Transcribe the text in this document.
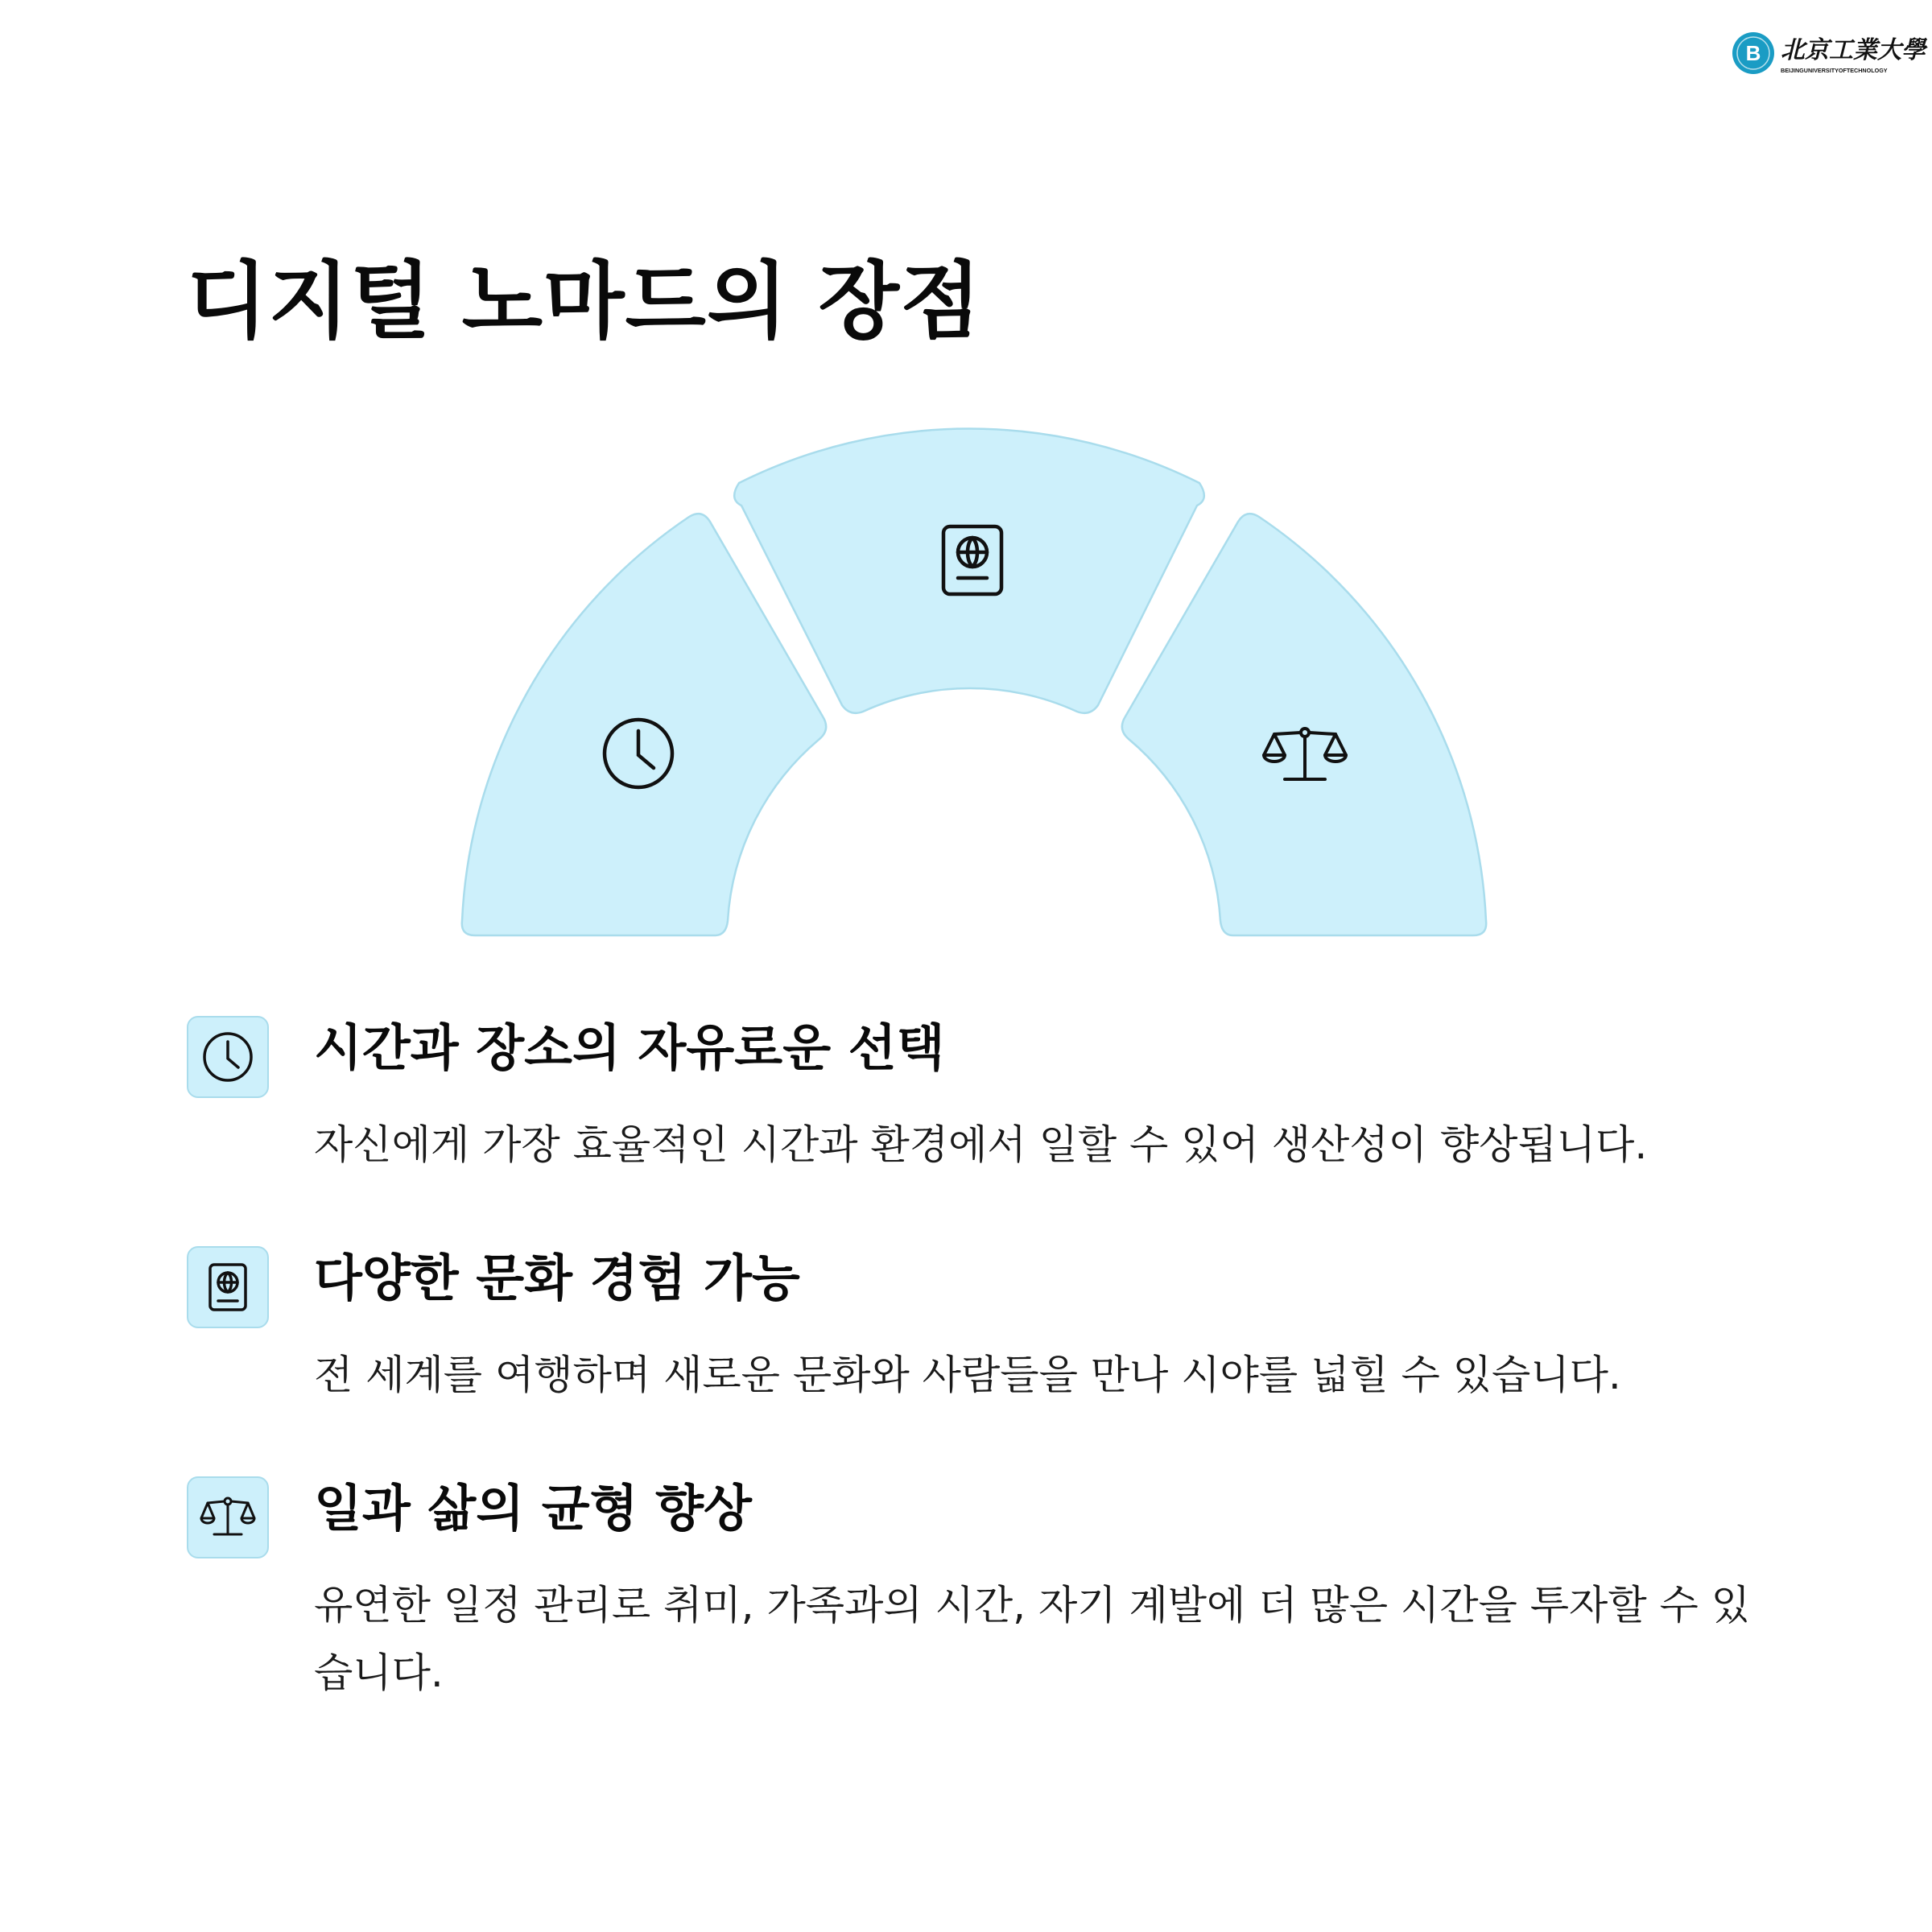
B 北京工業大學
BEIJINGUNIVERSITYOFTECHNOLOGY
디지털 노마드의 장점
시간과 장소의 자유로운 선택

자신에게 가장 효율적인 시간과 환경에서 일할 수 있어 생산성이 향상됩니다.

다양한 문화 경험 가능

전 세계를 여행하며 새로운 문화와 사람들을 만나 시야를 넓힐 수 있습니다.

일과 삶의 균형 향상

유연한 일정 관리로 취미, 가족과의 시간, 자기 계발에 더 많은 시간을 투자할 수 있습니다.
